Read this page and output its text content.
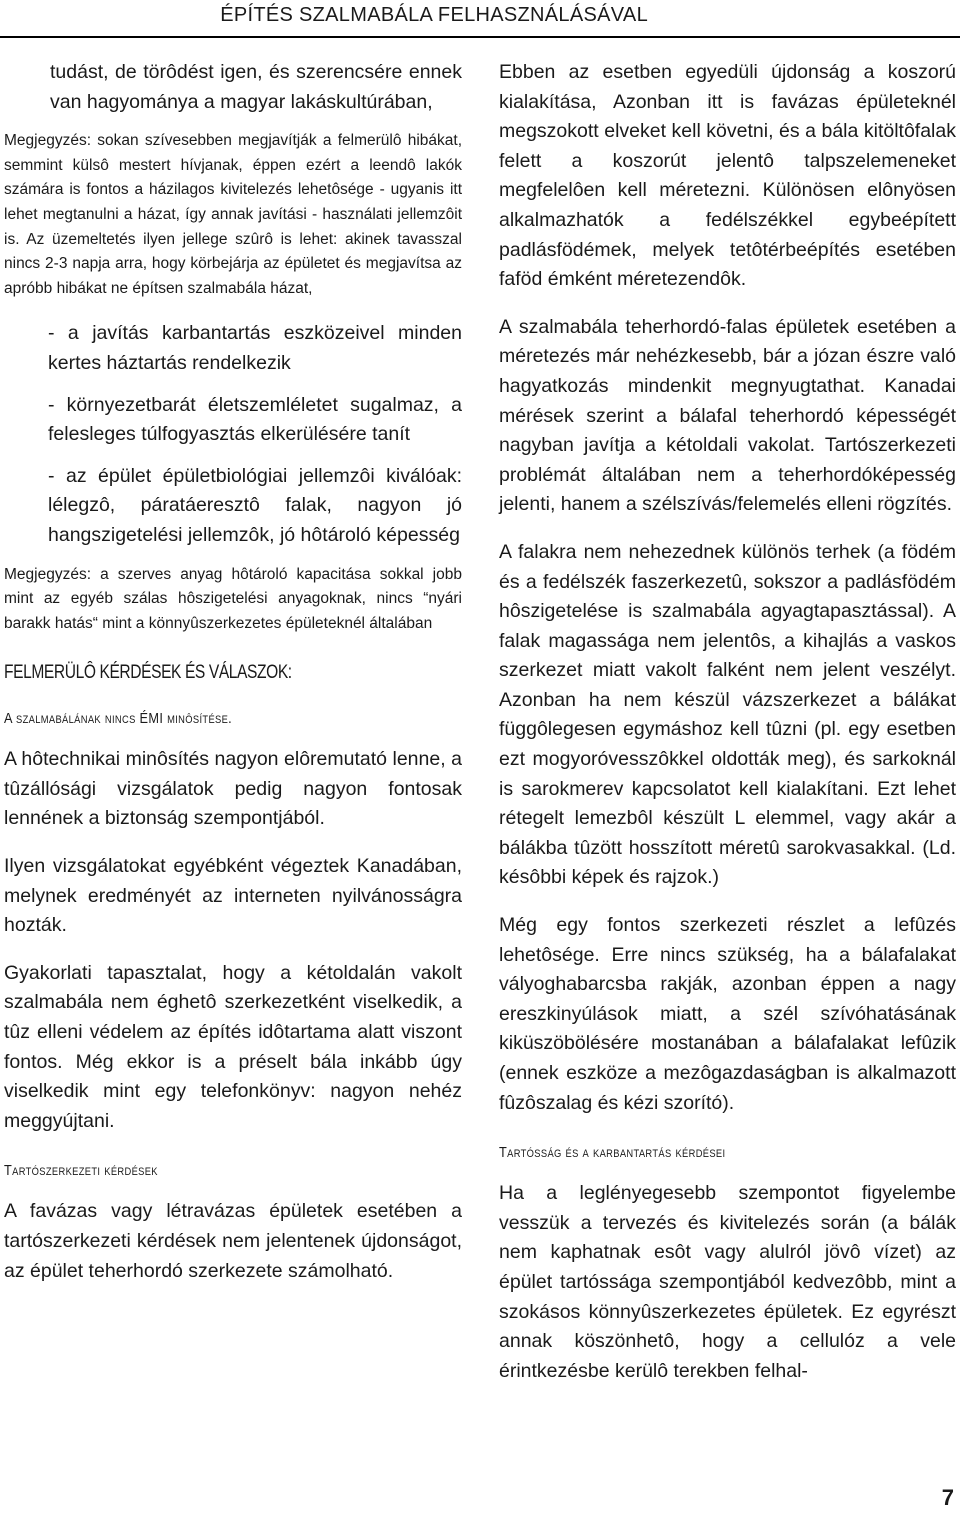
ÉPÍTÉS SZALMABÁLA FELHASZNÁLÁSÁVAL

tudást, de törôdést igen, és szerencsére ennek van hagyománya a magyar lakáskultúrában,

Megjegyzés: sokan szívesebben megjavítják a felmerülô hibákat, semmint külsô mestert hívjanak, éppen ezért a leendô lakók számára is fontos a házilagos kivitelezés lehetôsége - ugyanis itt lehet megtanulni a házat, így annak javítási - használati jellemzôit is. Az üzemeltetés ilyen jellege szûrô is lehet: akinek tavasszal nincs 2-3 napja arra, hogy körbejárja az épületet és megjavítsa az apróbb hibákat ne építsen szalmabála házat,

- a javítás karbantartás eszközeivel minden kertes háztartás rendelkezik

- környezetbarát életszemléletet sugalmaz, a felesleges túlfogyasztás elkerülésére tanít

- az épület épületbiológiai jellemzôi kiválóak: lélegzô, páratáeresztô falak, nagyon jó hangszigetelési jellemzôk, jó hôtároló képesség

Megjegyzés: a szerves anyag hôtároló kapacitása sokkal jobb mint az egyéb szálas hôszigetelési anyagoknak, nincs “nyári barakk hatás“ mint a könnyûszerkezetes épületeknél általában

FELMERÜLÔ KÉRDÉSEK ÉS VÁLASZOK:
A szalmabálának nincs ÉMI minôsítése.

A hôtechnikai minôsítés nagyon elôremutató lenne, a tûzállósági vizsgálatok pedig nagyon fontosak lennének a biztonság szempontjából.

Ilyen vizsgálatokat egyébként végeztek Kanadában, melynek eredményét az interneten nyilvánosságra hozták.

Gyakorlati tapasztalat, hogy a kétoldalán vakolt szalmabála nem éghetô szerkezetként viselkedik, a tûz elleni védelem az építés idôtartama alatt viszont fontos. Még ekkor is a préselt bála inkább úgy viselkedik mint egy telefonkönyv: nagyon nehéz meggyújtani.

Tartószerkezeti kérdések

A favázas vagy létravázas épületek esetében a tartószerkezeti kérdések nem jelentenek újdonságot, az épület teherhordó szerkezete számolható.

Ebben az esetben egyedüli újdonság a koszorú kialakítása, Azonban itt is favázas épületeknél megszokott elveket kell követni, és a bála kitöltôfalak felett a koszorút jelentô talpszelemeneket megfelelôen kell méretezni. Különösen elônyösen alkalmazhatók a fedélszékkel egybeépített padlásfödémek, melyek tetôtérbeépítés esetében faföd émként méretezendôk.

A szalmabála teherhordó-falas épületek esetében a méretezés már nehézkesebb, bár a józan észre való hagyatkozás mindenkit megnyugtathat. Kanadai mérések szerint a bálafal teherhordó képességét nagyban javítja a kétoldali vakolat. Tartószerkezeti problémát általában nem a teherhordóképesség jelenti, hanem a szélszívás/felemelés elleni rögzítés.

A falakra nem nehezednek különös terhek (a födém és a fedélszék faszerkezetû, sokszor a padlásfödém hôszigetelése is szalmabála agyagtapasztással). A falak magassága nem jelentôs, a kihajlás a vaskos szerkezet miatt vakolt falként nem jelent veszélyt. Azonban ha nem készül vázszerkezet a bálákat függôlegesen egymáshoz kell tûzni (pl. egy esetben ezt mogyoróvesszôkkel oldották meg), és sarkoknál is sarokmerev kapcsolatot kell kialakítani. Ezt lehet rétegelt lemezbôl készült L elemmel, vagy akár a bálákba tûzött hosszított méretû sarokvasakkal. (Ld. késôbbi képek és rajzok.)

Még egy fontos szerkezeti részlet a lefûzés lehetôsége. Erre nincs szükség, ha a bálafalakat vályoghabarcsba rakják, azonban éppen a nagy ereszkinyúlások miatt, a szél szívóhatásának kiküszöbölésére mostanában a bálafalakat lefûzik (ennek eszköze a mezôgazdaságban is alkalmazott fûzôszalag és kézi szorító).

Tartósság és a karbantartás kérdései

Ha a leglényegesebb szempontot figyelembe vesszük a tervezés és kivitelezés során (a bálák nem kaphatnak esôt vagy alulról jövô vízet) az épület tartóssága szempontjából kedvezôbb, mint a szokásos könnyûszerkezetes épületek. Ez egyrészt annak köszönhetô, hogy a cellulóz a vele érintkezésbe kerülô terekben felhal-

7
